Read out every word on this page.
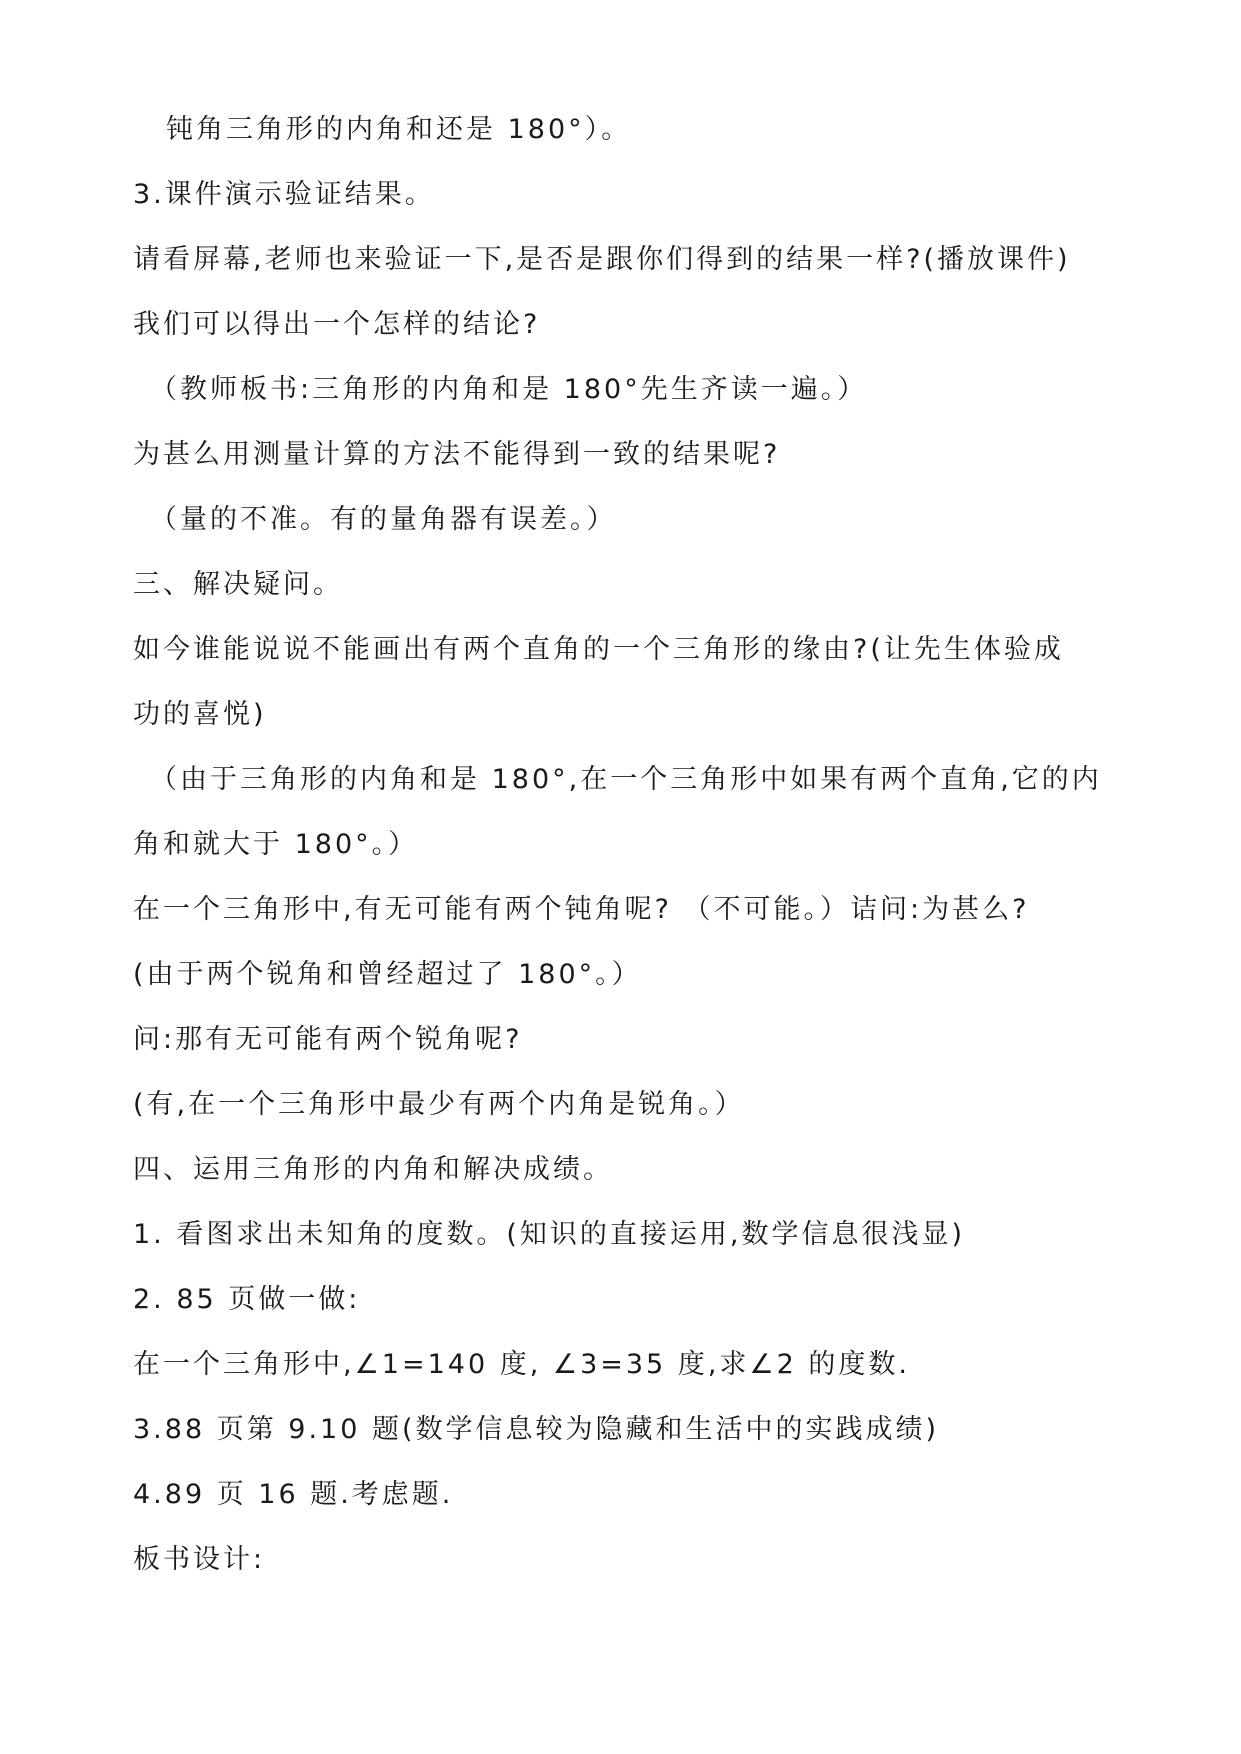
钝角三角形的内角和还是 180°）。
3.课件演示验证结果。
请看屏幕,老师也来验证一下,是否是跟你们得到的结果一样?(播放课件)
我们可以得出一个怎样的结论?
（教师板书:三角形的内角和是 180°先生齐读一遍。）
为甚么用测量计算的方法不能得到一致的结果呢?
（量的不准。有的量角器有误差。）
三、解决疑问。
如今谁能说说不能画出有两个直角的一个三角形的缘由?(让先生体验成
功的喜悦)
（由于三角形的内角和是 180°,在一个三角形中如果有两个直角,它的内
角和就大于 180°。）
在一个三角形中,有无可能有两个钝角呢? （不可能。）诘问:为甚么?
(由于两个锐角和曾经超过了 180°。）
问:那有无可能有两个锐角呢?
(有,在一个三角形中最少有两个内角是锐角。）
四、运用三角形的内角和解决成绩。
1. 看图求出未知角的度数。(知识的直接运用,数学信息很浅显)
2. 85 页做一做:
在一个三角形中,∠1=140 度, ∠3=35 度,求∠2 的度数.
3.88 页第 9.10 题(数学信息较为隐藏和生活中的实践成绩)
4.89 页 16 题.考虑题.
板书设计:
